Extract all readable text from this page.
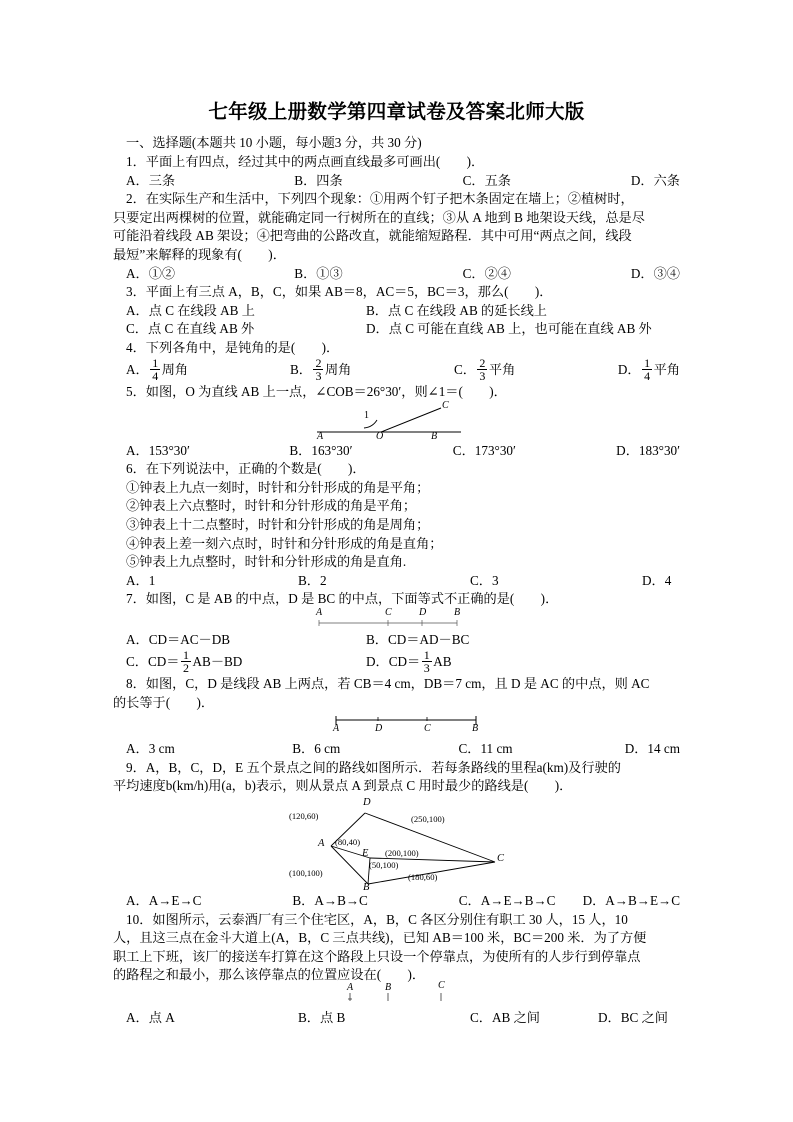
七年级上册数学第四章试卷及答案北师大版

一、选择题(本题共 10 小题，每小题3 分，共 30 分)

1．平面上有四点，经过其中的两点画直线最多可画出(　　)．

A．三条	B．四条	C．五条	D．六条

2．在实际生产和生活中，下列四个现象：①用两个钉子把木条固定在墙上；②植树时，

只要定出两棵树的位置，就能确定同一行树所在的直线；③从 A 地到 B 地架设天线，总是尽

可能沿着线段 AB 架设；④把弯曲的公路改直，就能缩短路程．其中可用“两点之间，线段

最短”来解释的现象有(　　)．

A．①②	B．①③	C．②④	D．③④

3．平面上有三点 A，B，C，如果 AB＝8，AC＝5，BC＝3，那么(　　)．

A．点 C 在线段 AB 上	B．点 C 在线段 AB 的延长线上
C．点 C 在直线 AB 外	D．点 C 可能在直线 AB 上，也可能在直线 AB 外

4．下列各角中，是钝角的是(　　)．

A． $\frac{1}{4}$ 周角	B． $\frac{2}{3}$ 周角	C． $\frac{2}{3}$ 平角	D． $\frac{1}{4}$ 平角

5．如图，O 为直线 AB 上一点，∠COB＝26°30′，则∠1＝(　　)．

A	O	B
C
1
A．153°30′	B．163°30′	C．173°30′	D．183°30′

6．在下列说法中，正确的个数是(　　)．

①钟表上九点一刻时，时针和分针形成的角是平角；

②钟表上六点整时，时针和分针形成的角是平角；

③钟表上十二点整时，时针和分针形成的角是周角；

④钟表上差一刻六点时，时针和分针形成的角是直角；

⑤钟表上九点整时，时针和分针形成的角是直角.

A．1	B．2	C．3	D．4

7．如图，C 是 AB 的中点，D 是 BC 的中点，下面等式不正确的是(　　)．

A	C	D	B
A．CD＝AC－DB	B．CD＝AD－BC
C．$CD= \frac{1}{2} AB-BD$	D．$CD= \frac{1}{3}$ AB

8．如图，C，D 是线段 AB 上两点，若 CB＝4 cm，DB＝7 cm，且 D 是 AC 的中点，则 AC

的长等于(　　)．

A	D	C	B
A．3 cm	B．6 cm	C．11 cm	D．14 cm

9．A，B，C，D，E 五个景点之间的路线如图所示．若每条路线的里程a(km)及行驶的

平均速度b(km/h)用(a，b)表示，则从景点 A 到景点 C 用时最少的路线是(　　)．

D
A
E
B
C
(120,60)	(250,100)
(80,40)
(200,100)
(50,100)
(100,100)	(180,60)
A．A→E→C	B．A→B→C	C．A→E→B→C	D．A→B→E→C

10．如图所示，云泰酒厂有三个住宅区，A，B，C 各区分别住有职工 30 人，15 人，10

人，且这三点在金斗大道上(A，B，C 三点共线)，已知 AB＝100 米，BC＝200 米．为了方便

职工上下班，该厂的接送车打算在这个路段上只设一个停靠点，为使所有的人步行到停靠点

的路程之和最小，那么该停靠点的位置应设在(　　)．

A	B	C
A．点 A	B．点 B	C．AB 之间	D．BC 之间
